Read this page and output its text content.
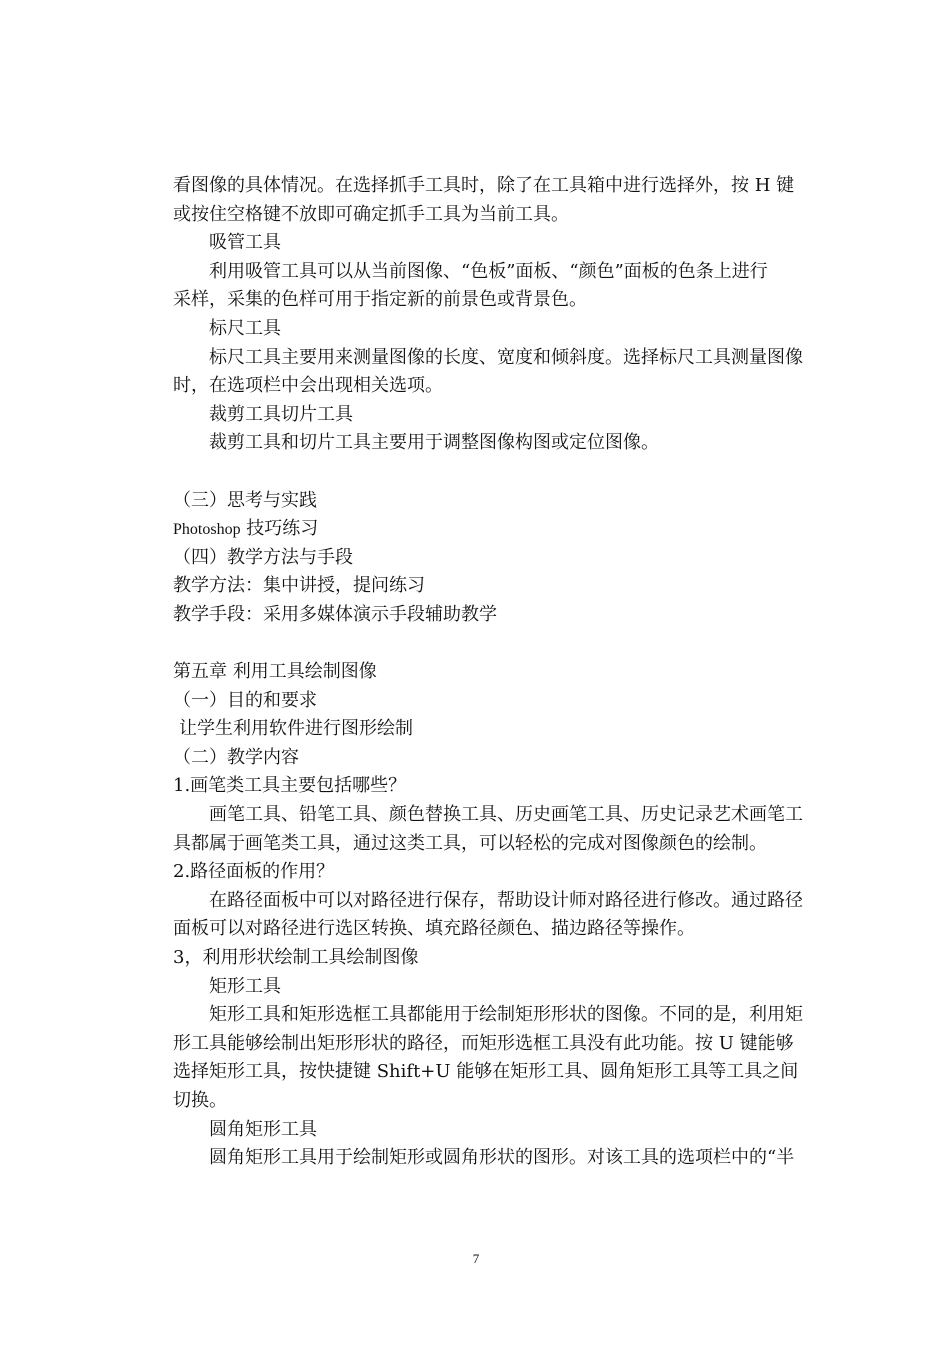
看图像的具体情况。在选择抓手工具时，除了在工具箱中进行选择外，按 H 键
或按住空格键不放即可确定抓手工具为当前工具。
吸管工具
利用吸管工具可以从当前图像、“色板”面板、“颜色”面板的色条上进行
采样，采集的色样可用于指定新的前景色或背景色。
标尺工具
标尺工具主要用来测量图像的长度、宽度和倾斜度。选择标尺工具测量图像
时，在选项栏中会出现相关选项。
裁剪工具切片工具
裁剪工具和切片工具主要用于调整图像构图或定位图像。
（三）思考与实践
Photoshop 技巧练习
（四）教学方法与手段
教学方法：集中讲授，提问练习
教学手段：采用多媒体演示手段辅助教学
第五章 利用工具绘制图像
（一）目的和要求
让学生利用软件进行图形绘制
（二）教学内容
1.画笔类工具主要包括哪些？
画笔工具、铅笔工具、颜色替换工具、历史画笔工具、历史记录艺术画笔工
具都属于画笔类工具，通过这类工具，可以轻松的完成对图像颜色的绘制。
2.路径面板的作用？
在路径面板中可以对路径进行保存，帮助设计师对路径进行修改。通过路径
面板可以对路径进行选区转换、填充路径颜色、描边路径等操作。
3，利用形状绘制工具绘制图像
矩形工具
矩形工具和矩形选框工具都能用于绘制矩形形状的图像。不同的是，利用矩
形工具能够绘制出矩形形状的路径，而矩形选框工具没有此功能。按 U 键能够
选择矩形工具，按快捷键 Shift+U 能够在矩形工具、圆角矩形工具等工具之间
切换。
圆角矩形工具
圆角矩形工具用于绘制矩形或圆角形状的图形。对该工具的选项栏中的“半
7
